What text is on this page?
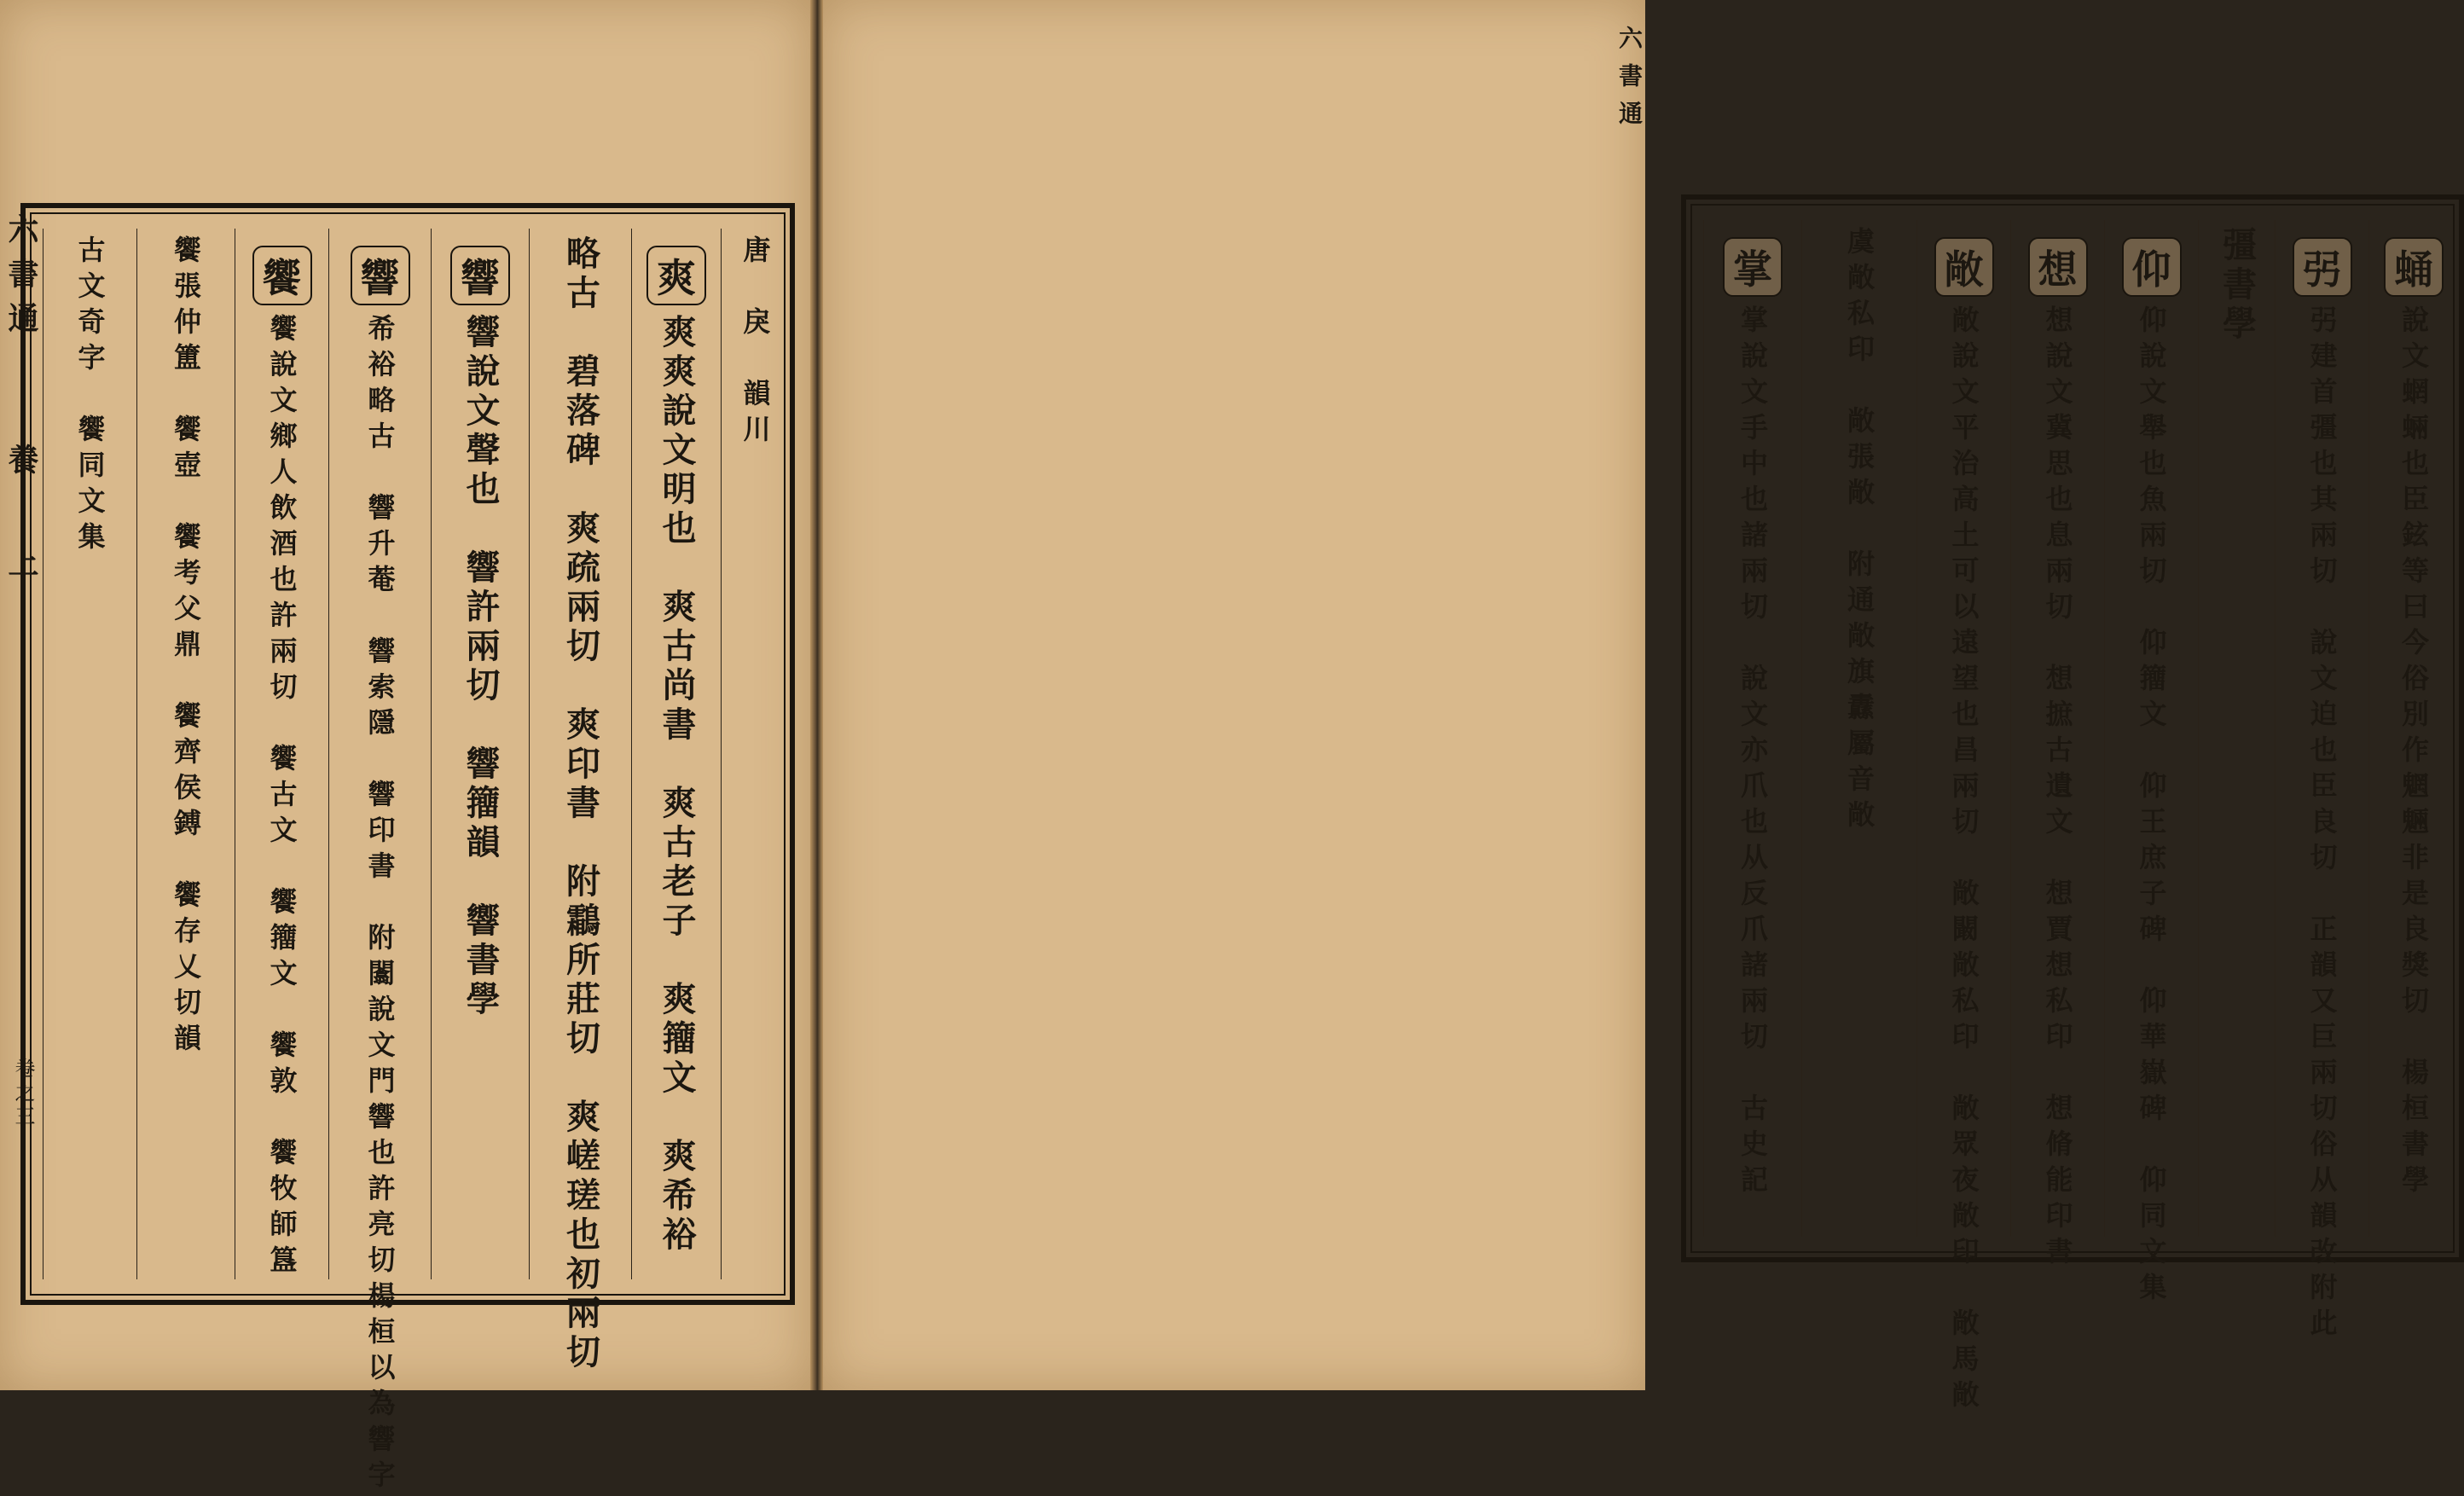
六書通
養
上
卷之三
唐　戾　韻川
爽
爽爽說文明也　爽古尚書　爽古老子　爽籒文　爽希裕
略古　碧落碑　爽疏兩切　爽印書　附鸘所莊切　爽嵯瑳也初兩切
響
響說文聲也　響許兩切　響籒韻　響書學
響
希裕略古　響升菴　響索隱　響印書　附闟說文門響也許亮切楊桓以為響字
饗
饗說文鄉人飲酒也許兩切　饗古文　饗籒文　饗敦　饗牧師簋
饗張仲簠　饗壺　饗考父鼎　饗齊侯鎛　饗存乂切韻
古文奇字　饗同文集	蛹
說文蝄蜽也臣鉉等曰今俗別作魍魎非是良獎切　楊桓書學
弜
弜建首彊也其兩切　說文迫也臣良切　正韻又巨兩切俗从韻改附此
彊書學
仰
仰說文舉也魚兩切　仰籒文　仰王庶子碑　仰華嶽碑　仰同文集
想
想說文冀思也息兩切　想摭古遺文　想賈想私印　想脩能印書
敞
敞說文平治高土可以遠望也昌兩切　敞闞敞私印　敞眾夜敞印　敞馬敞
虞敞私印　敞張敞　附通敞旗纛屬音敞
掌
掌說文手中也諸兩切　說文亦爪也从反爪諸兩切　古史記
六書通
